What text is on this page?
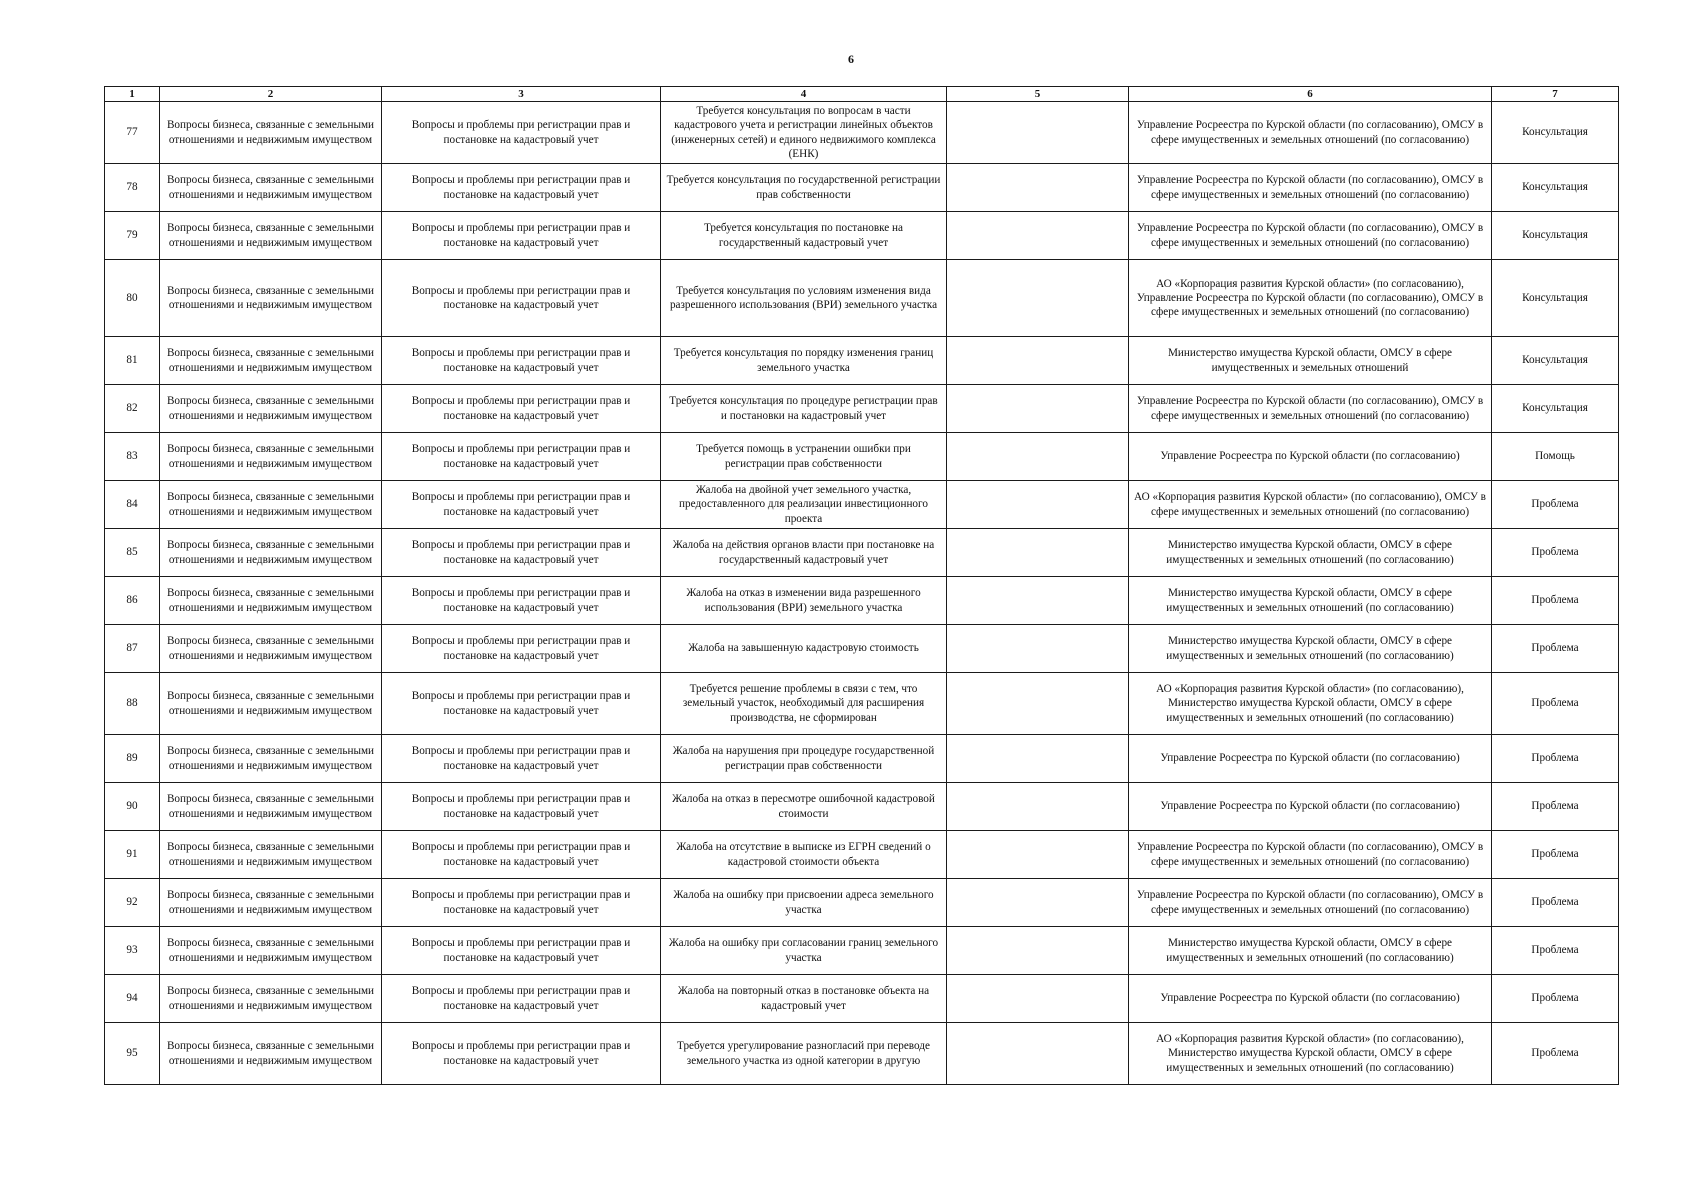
6
1	2	3	4	5	6	7
77	Вопросы бизнеса, связанные с земельными отношениями и недвижимым имуществом	Вопросы и проблемы при регистрации прав и постановке на кадастровый учет	Требуется консультация по вопросам в части кадастрового учета и регистрации линейных объектов (инженерных сетей) и единого недвижимого комплекса (ЕНК)		Управление Росреестра по Курской области (по согласованию), ОМСУ в сфере имущественных и земельных отношений (по согласованию)	Консультация
78	Вопросы бизнеса, связанные с земельными отношениями и недвижимым имуществом	Вопросы и проблемы при регистрации прав и постановке на кадастровый учет	Требуется консультация по государственной регистрации прав собственности		Управление Росреестра по Курской области (по согласованию), ОМСУ в сфере имущественных и земельных отношений (по согласованию)	Консультация
79	Вопросы бизнеса, связанные с земельными отношениями и недвижимым имуществом	Вопросы и проблемы при регистрации прав и постановке на кадастровый учет	Требуется консультация по постановке на государственный кадастровый учет		Управление Росреестра по Курской области (по согласованию), ОМСУ в сфере имущественных и земельных отношений (по согласованию)	Консультация
80	Вопросы бизнеса, связанные с земельными отношениями и недвижимым имуществом	Вопросы и проблемы при регистрации прав и постановке на кадастровый учет	Требуется консультация по условиям изменения вида разрешенного использования (ВРИ) земельного участка		АО «Корпорация развития Курской области» (по согласованию), Управление Росреестра по Курской области (по согласованию), ОМСУ в сфере имущественных и земельных отношений (по согласованию)	Консультация
81	Вопросы бизнеса, связанные с земельными отношениями и недвижимым имуществом	Вопросы и проблемы при регистрации прав и постановке на кадастровый учет	Требуется консультация по порядку изменения границ земельного участка		Министерство имущества Курской области, ОМСУ в сфере имущественных и земельных отношений	Консультация
82	Вопросы бизнеса, связанные с земельными отношениями и недвижимым имуществом	Вопросы и проблемы при регистрации прав и постановке на кадастровый учет	Требуется консультация по процедуре регистрации прав и постановки на кадастровый учет		Управление Росреестра по Курской области (по согласованию), ОМСУ в сфере имущественных и земельных отношений (по согласованию)	Консультация
83	Вопросы бизнеса, связанные с земельными отношениями и недвижимым имуществом	Вопросы и проблемы при регистрации прав и постановке на кадастровый учет	Требуется помощь в устранении ошибки при регистрации прав собственности		Управление Росреестра по Курской области (по согласованию)	Помощь
84	Вопросы бизнеса, связанные с земельными отношениями и недвижимым имуществом	Вопросы и проблемы при регистрации прав и постановке на кадастровый учет	Жалоба на двойной учет земельного участка, предоставленного для реализации инвестиционного проекта		АО «Корпорация развития Курской области» (по согласованию), ОМСУ в сфере имущественных и земельных отношений (по согласованию)	Проблема
85	Вопросы бизнеса, связанные с земельными отношениями и недвижимым имуществом	Вопросы и проблемы при регистрации прав и постановке на кадастровый учет	Жалоба на действия органов власти при постановке на государственный кадастровый учет		Министерство имущества Курской области, ОМСУ в сфере имущественных и земельных отношений (по согласованию)	Проблема
86	Вопросы бизнеса, связанные с земельными отношениями и недвижимым имуществом	Вопросы и проблемы при регистрации прав и постановке на кадастровый учет	Жалоба на отказ в изменении вида разрешенного использования (ВРИ) земельного участка		Министерство имущества Курской области, ОМСУ в сфере имущественных и земельных отношений (по согласованию)	Проблема
87	Вопросы бизнеса, связанные с земельными отношениями и недвижимым имуществом	Вопросы и проблемы при регистрации прав и постановке на кадастровый учет	Жалоба на завышенную кадастровую стоимость		Министерство имущества Курской области, ОМСУ в сфере имущественных и земельных отношений (по согласованию)	Проблема
88	Вопросы бизнеса, связанные с земельными отношениями и недвижимым имуществом	Вопросы и проблемы при регистрации прав и постановке на кадастровый учет	Требуется решение проблемы в связи с тем, что земельный участок, необходимый для расширения производства, не сформирован		АО «Корпорация развития Курской области» (по согласованию), Министерство имущества Курской области, ОМСУ в сфере имущественных и земельных отношений (по согласованию)	Проблема
89	Вопросы бизнеса, связанные с земельными отношениями и недвижимым имуществом	Вопросы и проблемы при регистрации прав и постановке на кадастровый учет	Жалоба на нарушения при процедуре государственной регистрации прав собственности		Управление Росреестра по Курской области (по согласованию)	Проблема
90	Вопросы бизнеса, связанные с земельными отношениями и недвижимым имуществом	Вопросы и проблемы при регистрации прав и постановке на кадастровый учет	Жалоба на отказ в пересмотре ошибочной кадастровой стоимости		Управление Росреестра по Курской области (по согласованию)	Проблема
91	Вопросы бизнеса, связанные с земельными отношениями и недвижимым имуществом	Вопросы и проблемы при регистрации прав и постановке на кадастровый учет	Жалоба на отсутствие в выписке из ЕГРН сведений о кадастровой стоимости объекта		Управление Росреестра по Курской области (по согласованию), ОМСУ в сфере имущественных и земельных отношений (по согласованию)	Проблема
92	Вопросы бизнеса, связанные с земельными отношениями и недвижимым имуществом	Вопросы и проблемы при регистрации прав и постановке на кадастровый учет	Жалоба на ошибку при присвоении адреса земельного участка		Управление Росреестра по Курской области (по согласованию), ОМСУ в сфере имущественных и земельных отношений (по согласованию)	Проблема
93	Вопросы бизнеса, связанные с земельными отношениями и недвижимым имуществом	Вопросы и проблемы при регистрации прав и постановке на кадастровый учет	Жалоба на ошибку при согласовании границ земельного участка		Министерство имущества Курской области, ОМСУ в сфере имущественных и земельных отношений (по согласованию)	Проблема
94	Вопросы бизнеса, связанные с земельными отношениями и недвижимым имуществом	Вопросы и проблемы при регистрации прав и постановке на кадастровый учет	Жалоба на повторный отказ в постановке объекта на кадастровый учет		Управление Росреестра по Курской области (по согласованию)	Проблема
95	Вопросы бизнеса, связанные с земельными отношениями и недвижимым имуществом	Вопросы и проблемы при регистрации прав и постановке на кадастровый учет	Требуется урегулирование разногласий при переводе земельного участка из одной категории в другую		АО «Корпорация развития Курской области» (по согласованию), Министерство имущества Курской области, ОМСУ в сфере имущественных и земельных отношений (по согласованию)	Проблема
